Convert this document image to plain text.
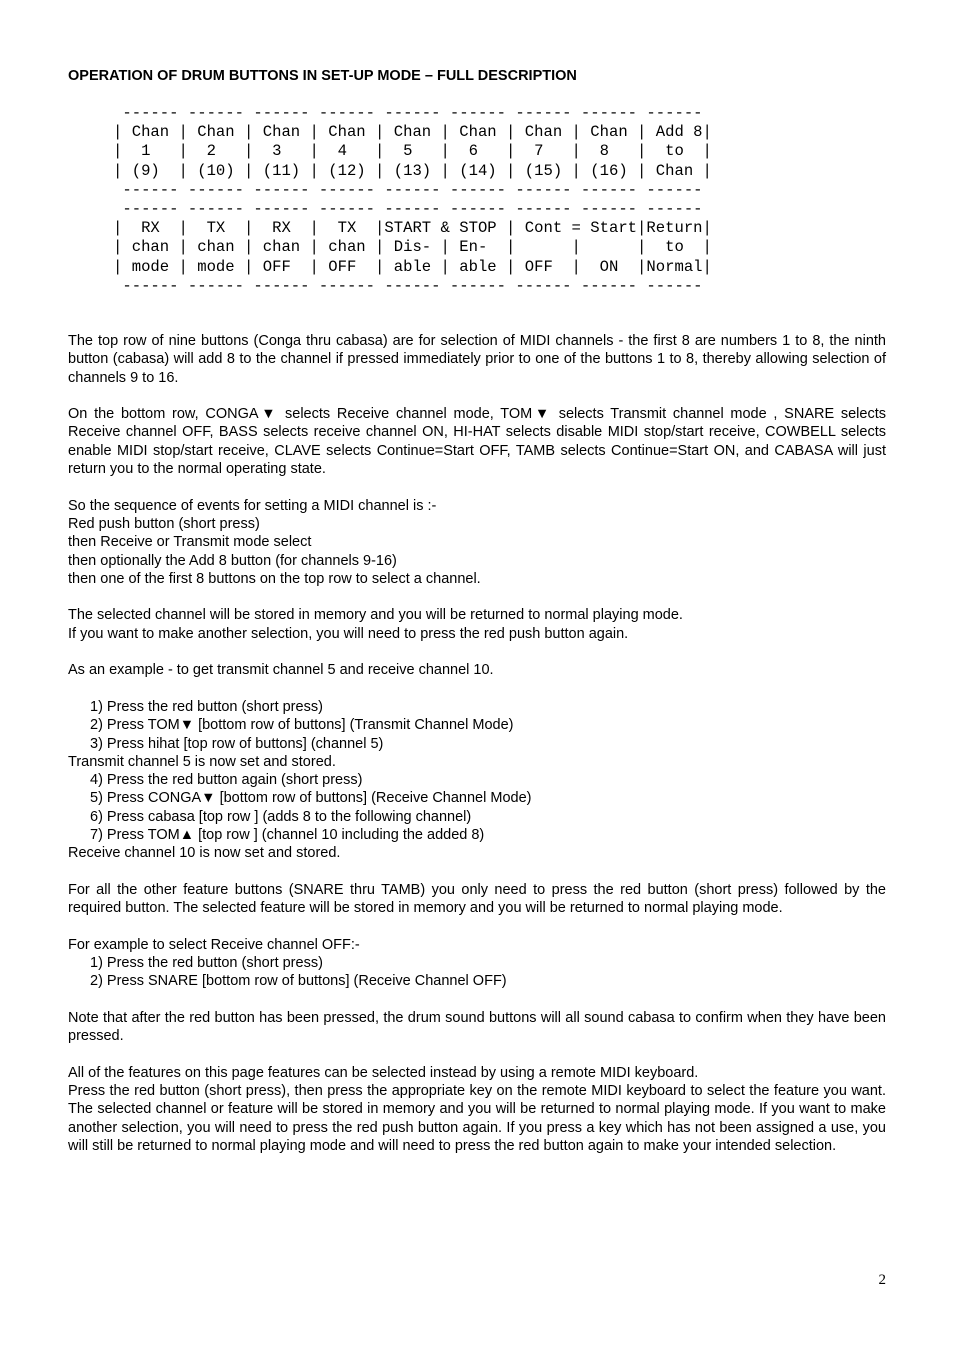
OPERATION OF DRUM BUTTONS IN SET-UP MODE – FULL DESCRIPTION
------ ------ ------ ------ ------ ------ ------ ------ ------
| Chan | Chan | Chan | Chan | Chan | Chan | Chan | Chan | Add 8|
|  1   |  2   |  3   |  4   |  5   |  6   |  7   |  8   |  to  |
| (9)  | (10) | (11) | (12) | (13) | (14) | (15) | (16) | Chan |
------ ------ ------ ------ ------ ------ ------ ------ ------
------ ------ ------ ------ ------ ------ ------ ------ ------
|  RX  |  TX  |  RX  |  TX  |START & STOP | Cont = Start|Return|
| chan | chan | chan | chan | Dis- | En-  |      |      |  to  |
| mode | mode | OFF  | OFF  | able | able | OFF  |  ON  |Normal|
------ ------ ------ ------ ------ ------ ------ ------ ------

The top row of nine buttons (Conga thru cabasa) are for selection of MIDI channels - the first 8 are numbers 1 to 8, the ninth button (cabasa) will add 8 to the channel if pressed immediately prior to one of the buttons 1 to 8, thereby allowing selection of channels 9 to 16.

On the bottom row, CONGA▼ selects Receive channel mode, TOM▼ selects Transmit channel mode , SNARE selects Receive channel OFF, BASS selects receive channel ON, HI-HAT selects disable MIDI stop/start receive, COWBELL selects enable MIDI stop/start receive, CLAVE selects Continue=Start OFF, TAMB selects Continue=Start ON, and CABASA will just return you to the normal operating state.

So the sequence of events for setting a MIDI channel is :-
Red push button (short press)
then Receive or Transmit mode select
then optionally the Add 8 button (for channels 9-16)
then one of the first 8 buttons on the top row to select a channel.

The selected channel will be stored in memory and you will be returned to normal playing mode.
If you want to make another selection, you will need to press the red push button again.

As an example - to get transmit channel 5 and receive channel 10.

1) Press the red button (short press)
2) Press TOM▼ [bottom row of buttons] (Transmit Channel Mode)
3) Press hihat [top row of buttons] (channel 5)
Transmit channel 5 is now set and stored.
4) Press the red button again (short press)
5) Press CONGA▼ [bottom row of buttons] (Receive Channel Mode)
6) Press cabasa [top row ] (adds 8 to the following channel)
7) Press TOM▲ [top row ] (channel 10 including the added 8)
Receive channel 10 is now set and stored.

For all the other feature buttons (SNARE thru TAMB) you only need to press the red button (short press) followed by the required button. The selected feature will be stored in memory and you will be returned to normal playing mode.

For example to select Receive channel OFF:-
1) Press the red button (short press)
2) Press SNARE [bottom row of buttons] (Receive Channel OFF)

Note that after the red button has been pressed, the drum sound buttons will all sound cabasa to confirm when they have been pressed.

All of the features on this page features can be selected instead by using a remote MIDI keyboard.
Press the red button (short press), then press the appropriate key on the remote MIDI keyboard to select the feature you want. The selected channel or feature will be stored in memory and you will be returned to normal playing mode. If you want to make another selection, you will need to press the red push button again. If you press a key which has not been assigned a use, you will still be returned to normal playing mode and will need to press the red button again to make your intended selection.

2
